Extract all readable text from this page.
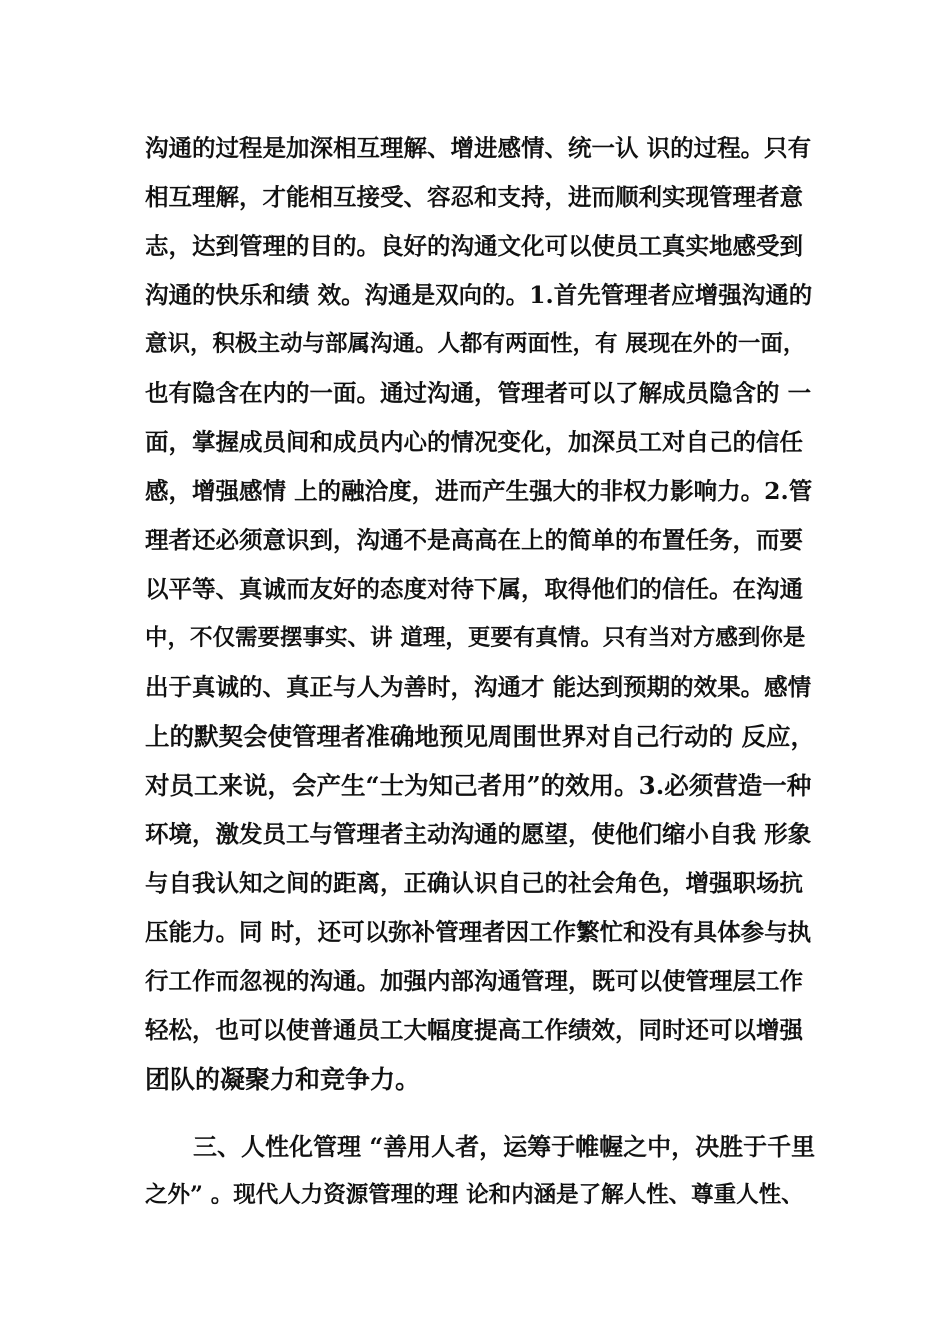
沟通的过程是加深相互理解、增进感情、统一认 识的过程。只有
相互理解，才能相互接受、容忍和支持，进而顺利实现管理者意
志，达到管理的目的。良好的沟通文化可以使员工真实地感受到
沟通的快乐和绩 效。沟通是双向的。1.首先管理者应增强沟通的
意识，积极主动与部属沟通。人都有两面性，有 展现在外的一面，
也有隐含在内的一面。通过沟通，管理者可以了解成员隐含的 一
面，掌握成员间和成员内心的情况变化，加深员工对自己的信任
感，增强感情 上的融洽度，进而产生强大的非权力影响力。2.管
理者还必须意识到，沟通不是高高在上的简单的布置任务，而要
以平等、真诚而友好的态度对待下属，取得他们的信任。在沟通
中，不仅需要摆事实、讲 道理，更要有真情。只有当对方感到你是
出于真诚的、真正与人为善时，沟通才 能达到预期的效果。感情
上的默契会使管理者准确地预见周围世界对自己行动的 反应，
对员工来说，会产生“士为知己者用”的效用。3.必须营造一种
环境，激发员工与管理者主动沟通的愿望，使他们缩小自我 形象
与自我认知之间的距离，正确认识自己的社会角色，增强职场抗
压能力。同 时，还可以弥补管理者因工作繁忙和没有具体参与执
行工作而忽视的沟通。加强内部沟通管理，既可以使管理层工作
轻松，也可以使普通员工大幅度提高工作绩效，同时还可以增强
团队的凝聚力和竞争力。
　　三、人性化管理 “善用人者，运筹于帷幄之中，决胜于千里
之外” 。现代人力资源管理的理 论和内涵是了解人性、尊重人性、
